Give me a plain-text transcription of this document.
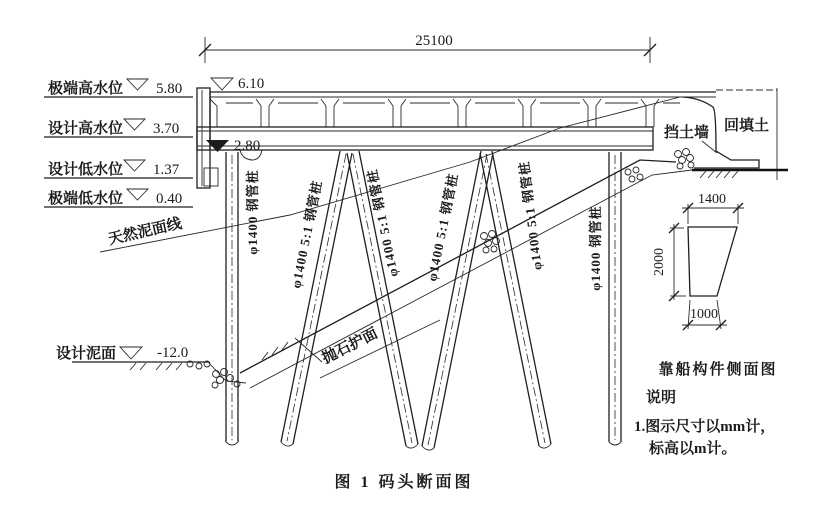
25100
极端高水位 5.80
设计高水位 3.70
设计低水位 1.37
极端低水位 0.40
6.10
2.80
天然泥面线
设计泥面	-12.0	抛石护面
挡土墙 回填土
φ1400 钢管桩 φ1400 5:1 钢管桩	φ1400 5:1 钢管桩 φ1400 5:1 钢管桩	φ1400 5:1 钢管桩	φ1400 钢管桩
1400
2000
1000
靠船构件侧面图
说明
1.图示尺寸以mm计，
标高以m计。
图 1 码头断面图
